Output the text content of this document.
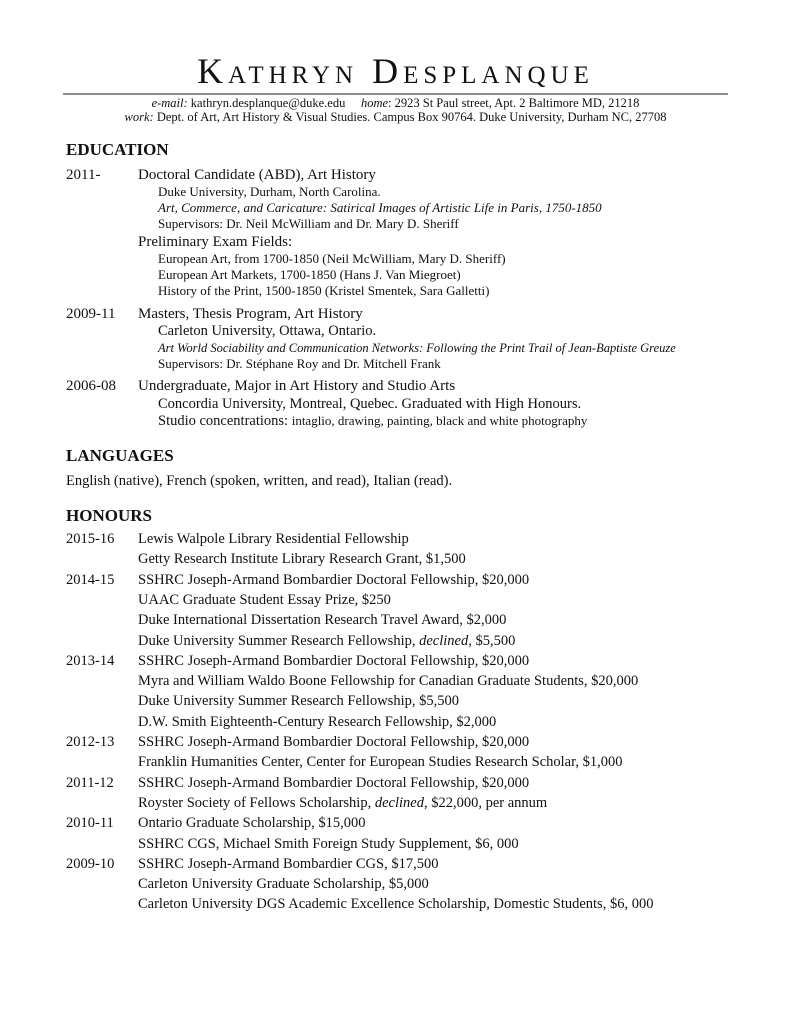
Kathryn Desplanque
e-mail: kathryn.desplanque@duke.edu home: 2923 St Paul street, Apt. 2 Baltimore MD, 21218
work: Dept. of Art, Art History & Visual Studies. Campus Box 90764. Duke University, Durham NC, 27708
EDUCATION
2011-	Doctoral Candidate (ABD), Art History
Duke University, Durham, North Carolina.
Art, Commerce, and Caricature: Satirical Images of Artistic Life in Paris, 1750-1850
Supervisors: Dr. Neil McWilliam and Dr. Mary D. Sheriff
Preliminary Exam Fields:
European Art, from 1700-1850 (Neil McWilliam, Mary D. Sheriff)
European Art Markets, 1700-1850 (Hans J. Van Miegroet)
History of the Print, 1500-1850 (Kristel Smentek, Sara Galletti)
2009-11 Masters, Thesis Program, Art History
Carleton University, Ottawa, Ontario.
Art World Sociability and Communication Networks: Following the Print Trail of Jean-Baptiste Greuze
Supervisors: Dr. Stéphane Roy and Dr. Mitchell Frank
2006-08 Undergraduate, Major in Art History and Studio Arts
Concordia University, Montreal, Quebec. Graduated with High Honours.
Studio concentrations: intaglio, drawing, painting, black and white photography
LANGUAGES
English (native), French (spoken, written, and read), Italian (read).
HONOURS
2015-16 Lewis Walpole Library Residential Fellowship
Getty Research Institute Library Research Grant, $1,500
2014-15 SSHRC Joseph-Armand Bombardier Doctoral Fellowship, $20,000
UAAC Graduate Student Essay Prize, $250
Duke International Dissertation Research Travel Award, $2,000
Duke University Summer Research Fellowship, declined, $5,500
2013-14 SSHRC Joseph-Armand Bombardier Doctoral Fellowship, $20,000
Myra and William Waldo Boone Fellowship for Canadian Graduate Students, $20,000
Duke University Summer Research Fellowship, $5,500
D.W. Smith Eighteenth-Century Research Fellowship, $2,000
2012-13 SSHRC Joseph-Armand Bombardier Doctoral Fellowship, $20,000
Franklin Humanities Center, Center for European Studies Research Scholar, $1,000
2011-12 SSHRC Joseph-Armand Bombardier Doctoral Fellowship, $20,000
Royster Society of Fellows Scholarship, declined, $22,000, per annum
2010-11 Ontario Graduate Scholarship, $15,000
SSHRC CGS, Michael Smith Foreign Study Supplement, $6, 000
2009-10 SSHRC Joseph-Armand Bombardier CGS, $17,500
Carleton University Graduate Scholarship, $5,000
Carleton University DGS Academic Excellence Scholarship, Domestic Students, $6, 000
